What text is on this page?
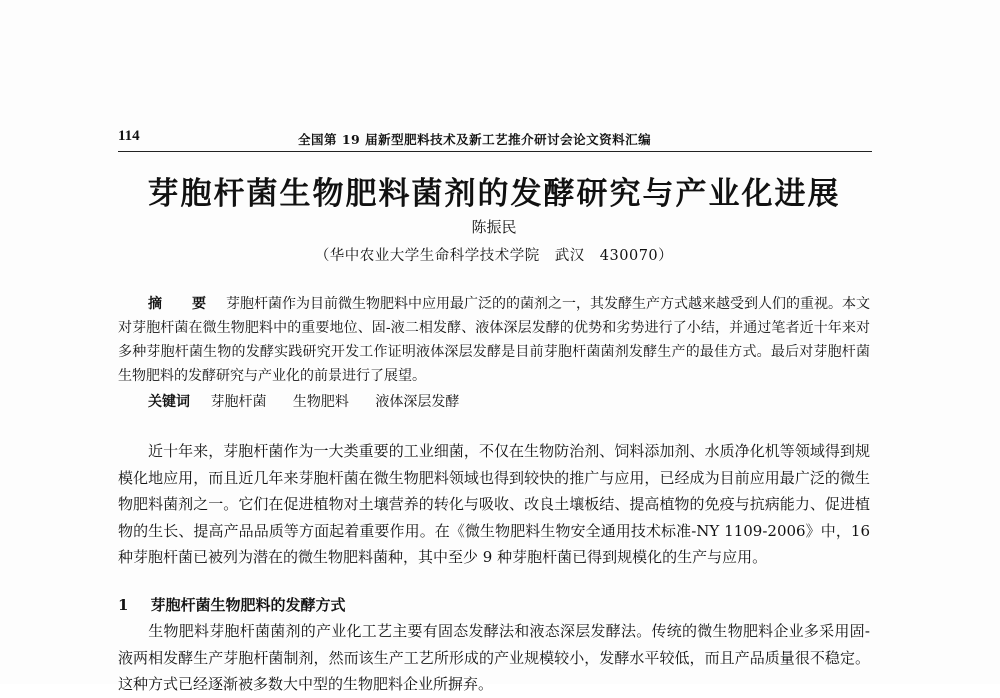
114	全国第 19 届新型肥料技术及新工艺推介研讨会论文资料汇编
芽胞杆菌生物肥料菌剂的发酵研究与产业化进展
陈振民
（华中农业大学生命科学技术学院　武汉　430070）
摘　要 芽胞杆菌作为目前微生物肥料中应用最广泛的的菌剂之一，其发酵生产方式越来越受到人们的重视。本文对芽胞杆菌在微生物肥料中的重要地位、固-液二相发酵、液体深层发酵的优势和劣势进行了小结，并通过笔者近十年来对多种芽胞杆菌生物的发酵实践研究开发工作证明液体深层发酵是目前芽胞杆菌菌剂发酵生产的最佳方式。最后对芽胞杆菌生物肥料的发酵研究与产业化的前景进行了展望。
关键词 芽胞杆菌 生物肥料 液体深层发酵
近十年来，芽胞杆菌作为一大类重要的工业细菌，不仅在生物防治剂、饲料添加剂、水质净化机等领域得到规模化地应用，而且近几年来芽胞杆菌在微生物肥料领域也得到较快的推广与应用，已经成为目前应用最广泛的微生物肥料菌剂之一。它们在促进植物对土壤营养的转化与吸收、改良土壤板结、提高植物的免疫与抗病能力、促进植物的生长、提高产品品质等方面起着重要作用。在《微生物肥料生物安全通用技术标准-NY 1109-2006》中，16 种芽胞杆菌已被列为潜在的微生物肥料菌种，其中至少 9 种芽胞杆菌已得到规模化的生产与应用。
1 芽胞杆菌生物肥料的发酵方式
生物肥料芽胞杆菌菌剂的产业化工艺主要有固态发酵法和液态深层发酵法。传统的微生物肥料企业多采用固-液两相发酵生产芽胞杆菌制剂，然而该生产工艺所形成的产业规模较小，发酵水平较低，而且产品质量很不稳定。这种方式已经逐渐被多数大中型的生物肥料企业所摒弃。
